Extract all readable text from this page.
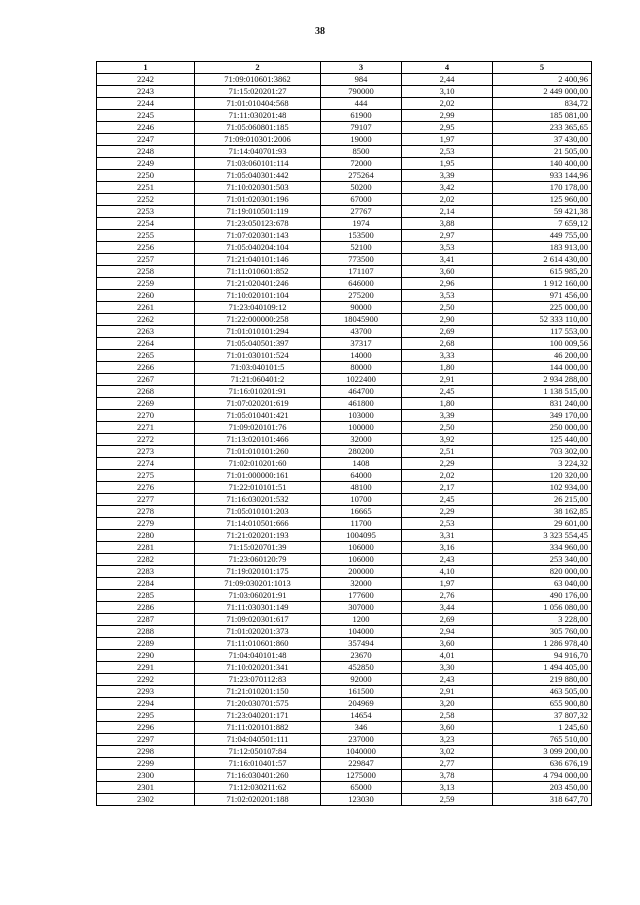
38
1	2	3	4	5
2242	71:09:010601:3862	984	2,44	2 400,96
2243	71:15:020201:27	790000	3,10	2 449 000,00
2244	71:01:010404:568	444	2,02	834,72
2245	71:11:030201:48	61900	2,99	185 081,00
2246	71:05:060801:185	79107	2,95	233 365,65
2247	71:09:010301:2006	19000	1,97	37 430,00
2248	71:14:040701:93	8500	2,53	21 505,00
2249	71:03:060101:114	72000	1,95	140 400,00
2250	71:05:040301:442	275264	3,39	933 144,96
2251	71:10:020301:503	50200	3,42	170 178,00
2252	71:01:020301:196	67000	2,02	125 960,00
2253	71:19:010501:119	27767	2,14	59 421,38
2254	71:23:050123:678	1974	3,88	7 659,12
2255	71:07:020301:143	153500	2,97	449 755,00
2256	71:05:040204:104	52100	3,53	183 913,00
2257	71:21:040101:146	773500	3,41	2 614 430,00
2258	71:11:010601:852	171107	3,60	615 985,20
2259	71:21:020401:246	646000	2,96	1 912 160,00
2260	71:10:020101:104	275200	3,53	971 456,00
2261	71:23:040109:12	90000	2,50	225 000,00
2262	71:22:000000:258	18045900	2,90	52 333 110,00
2263	71:01:010101:294	43700	2,69	117 553,00
2264	71:05:040501:397	37317	2,68	100 009,56
2265	71:01:030101:524	14000	3,33	46 200,00
2266	71:03:040101:5	80000	1,80	144 000,00
2267	71:21:060401:2	1022400	2,91	2 934 288,00
2268	71:16:010201:91	464700	2,45	1 138 515,00
2269	71:07:020201:619	461800	1,80	831 240,00
2270	71:05:010401:421	103000	3,39	349 170,00
2271	71:09:020101:76	100000	2,50	250 000,00
2272	71:13:020101:466	32000	3,92	125 440,00
2273	71:01:010101:260	280200	2,51	703 302,00
2274	71:02:010201:60	1408	2,29	3 224,32
2275	71:01:000000:161	64000	2,02	120 320,00
2276	71:22:010101:51	48100	2,17	102 934,00
2277	71:16:030201:532	10700	2,45	26 215,00
2278	71:05:010101:203	16665	2,29	38 162,85
2279	71:14:010501:666	11700	2,53	29 601,00
2280	71:21:020201:193	1004095	3,31	3 323 554,45
2281	71:15:020701:39	106000	3,16	334 960,00
2282	71:23:060120:79	106000	2,43	253 340,00
2283	71:19:020101:175	200000	4,10	820 000,00
2284	71:09:030201:1013	32000	1,97	63 040,00
2285	71:03:060201:91	177600	2,76	490 176,00
2286	71:11:030301:149	307000	3,44	1 056 080,00
2287	71:09:020301:617	1200	2,69	3 228,00
2288	71:01:020201:373	104000	2,94	305 760,00
2289	71:11:010601:860	357494	3,60	1 286 978,40
2290	71:04:040101:48	23670	4,01	94 916,70
2291	71:10:020201:341	452850	3,30	1 494 405,00
2292	71:23:070112:83	92000	2,43	219 880,00
2293	71:21:010201:150	161500	2,91	463 505,00
2294	71:20:030701:575	204969	3,20	655 900,80
2295	71:23:040201:171	14654	2,58	37 807,32
2296	71:11:020101:882	346	3,60	1 245,60
2297	71:04:040501:111	237000	3,23	765 510,00
2298	71:12:050107:84	1040000	3,02	3 099 200,00
2299	71:16:010401:57	229847	2,77	636 676,19
2300	71:16:030401:260	1275000	3,78	4 794 000,00
2301	71:12:030211:62	65000	3,13	203 450,00
2302	71:02:020201:188	123030	2,59	318 647,70
